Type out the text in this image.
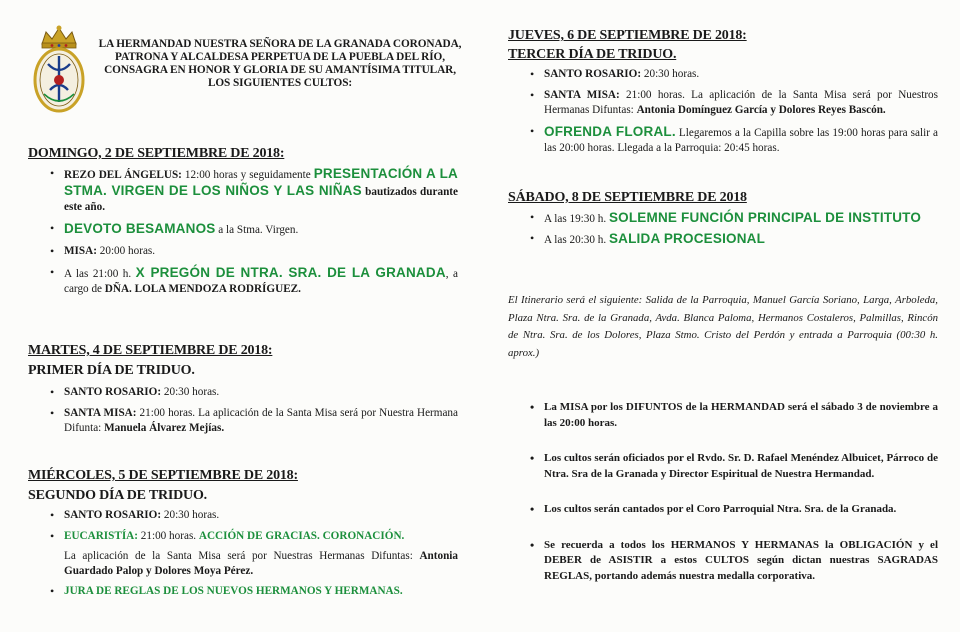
LA HERMANDAD NUESTRA SEÑORA DE LA GRANADA CORONADA,
PATRONA Y ALCALDESA PERPETUA DE LA PUEBLA DEL RÍO,
CONSAGRA EN HONOR Y GLORIA DE SU AMANTÍSIMA TITULAR,
LOS SIGUIENTES CULTOS:
DOMINGO, 2 DE SEPTIEMBRE DE 2018:
• REZO DEL ÁNGELUS: 12:00 horas y seguidamente PRESENTACIÓN A LA STMA. VIRGEN DE LOS NIÑOS Y LAS NIÑAS bautizados durante este año.
• DEVOTO BESAMANOS a la Stma. Virgen.
• MISA: 20:00 horas.
• A las 21:00 h. X PREGÓN DE NTRA. SRA. DE LA GRANADA, a cargo de DÑA. LOLA MENDOZA RODRÍGUEZ.
MARTES, 4 DE SEPTIEMBRE DE 2018:
PRIMER DÍA DE TRIDUO.
• SANTO ROSARIO: 20:30 horas.
• SANTA MISA: 21:00 horas. La aplicación de la Santa Misa será por Nuestra Hermana Difunta: Manuela Álvarez Mejías.
MIÉRCOLES, 5 DE SEPTIEMBRE DE 2018:
SEGUNDO DÍA DE TRIDUO.
• SANTO ROSARIO: 20:30 horas.
• EUCARISTÍA: 21:00 horas. ACCIÓN DE GRACIAS. CORONACIÓN.
La aplicación de la Santa Misa será por Nuestras Hermanas Difuntas: Antonia Guardado Palop y Dolores Moya Pérez.
• JURA DE REGLAS DE LOS NUEVOS HERMANOS Y HERMANAS.
JUEVES, 6 DE SEPTIEMBRE DE 2018:
TERCER DÍA DE TRIDUO.
• SANTO ROSARIO: 20:30 horas.
• SANTA MISA: 21:00 horas. La aplicación de la Santa Misa será por Nuestros Hermanas Difuntas: Antonia Domínguez García y Dolores Reyes Bascón.
• OFRENDA FLORAL. Llegaremos a la Capilla sobre las 19:00 horas para salir a las 20:00 horas. Llegada a la Parroquia: 20:45 horas.
SÁBADO, 8 DE SEPTIEMBRE DE 2018
• A las 19:30 h. SOLEMNE FUNCIÓN PRINCIPAL DE INSTITUTO
• A las 20:30 h. SALIDA PROCESIONAL
El Itinerario será el siguiente: Salida de la Parroquia, Manuel García Soriano, Larga, Arboleda, Plaza Ntra. Sra. de la Granada, Avda. Blanca Paloma, Hermanos Costaleros, Palmillas, Rincón de Ntra. Sra. de los Dolores, Plaza Stmo. Cristo del Perdón y entrada a Parroquia (00:30 h. aprox.)
• La MISA por los DIFUNTOS de la HERMANDAD será el sábado 3 de noviembre a las 20:00 horas.
• Los cultos serán oficiados por el Rvdo. Sr. D. Rafael Menéndez Albuicet, Párroco de Ntra. Sra de la Granada y Director Espiritual de Nuestra Hermandad.
• Los cultos serán cantados por el Coro Parroquial Ntra. Sra. de la Granada.
• Se recuerda a todos los HERMANOS Y HERMANAS la OBLIGACIÓN y el DEBER de ASISTIR a estos CULTOS según dictan nuestras SAGRADAS REGLAS, portando además nuestra medalla corporativa.
